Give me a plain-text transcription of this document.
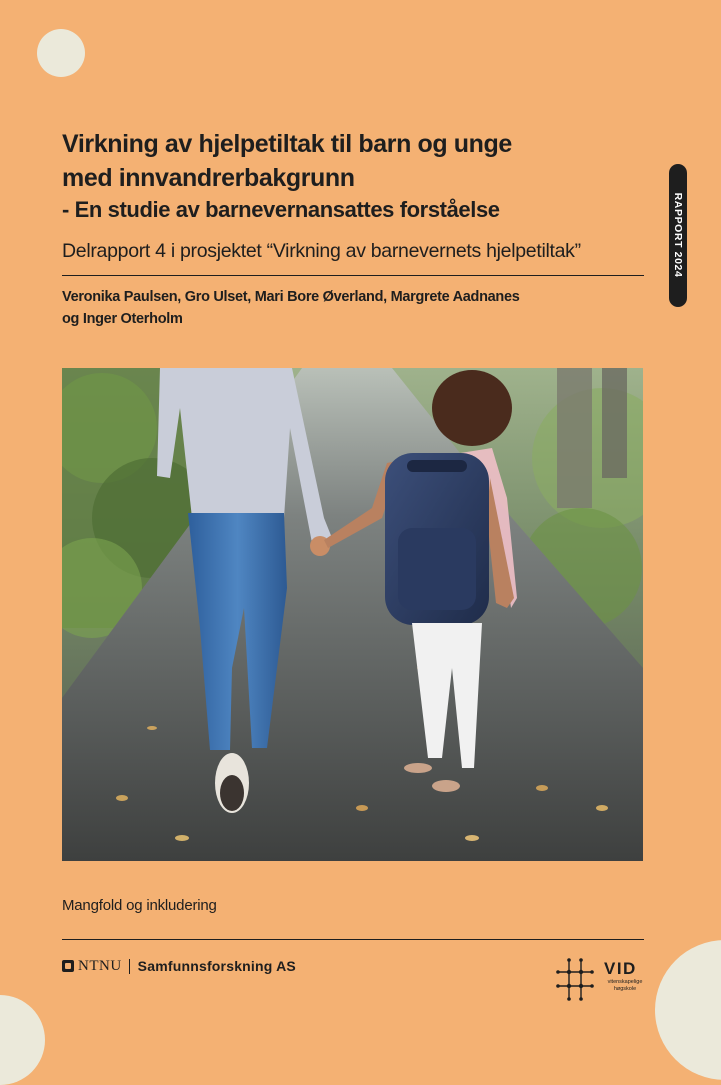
RAPPORT 2024
Virkning av hjelpetiltak til barn og unge
med innvandrerbakgrunn
- En studie av barnevernansattes forståelse
Delrapport 4 i prosjektet “Virkning av barnevernets hjelpetiltak”
Veronika Paulsen, Gro Ulset, Mari Bore Øverland, Margrete Aadnanes
og Inger Oterholm
Mangfold og inkludering
NTNU Samfunnsforskning AS	VID
vitenskapelige
høgskole
